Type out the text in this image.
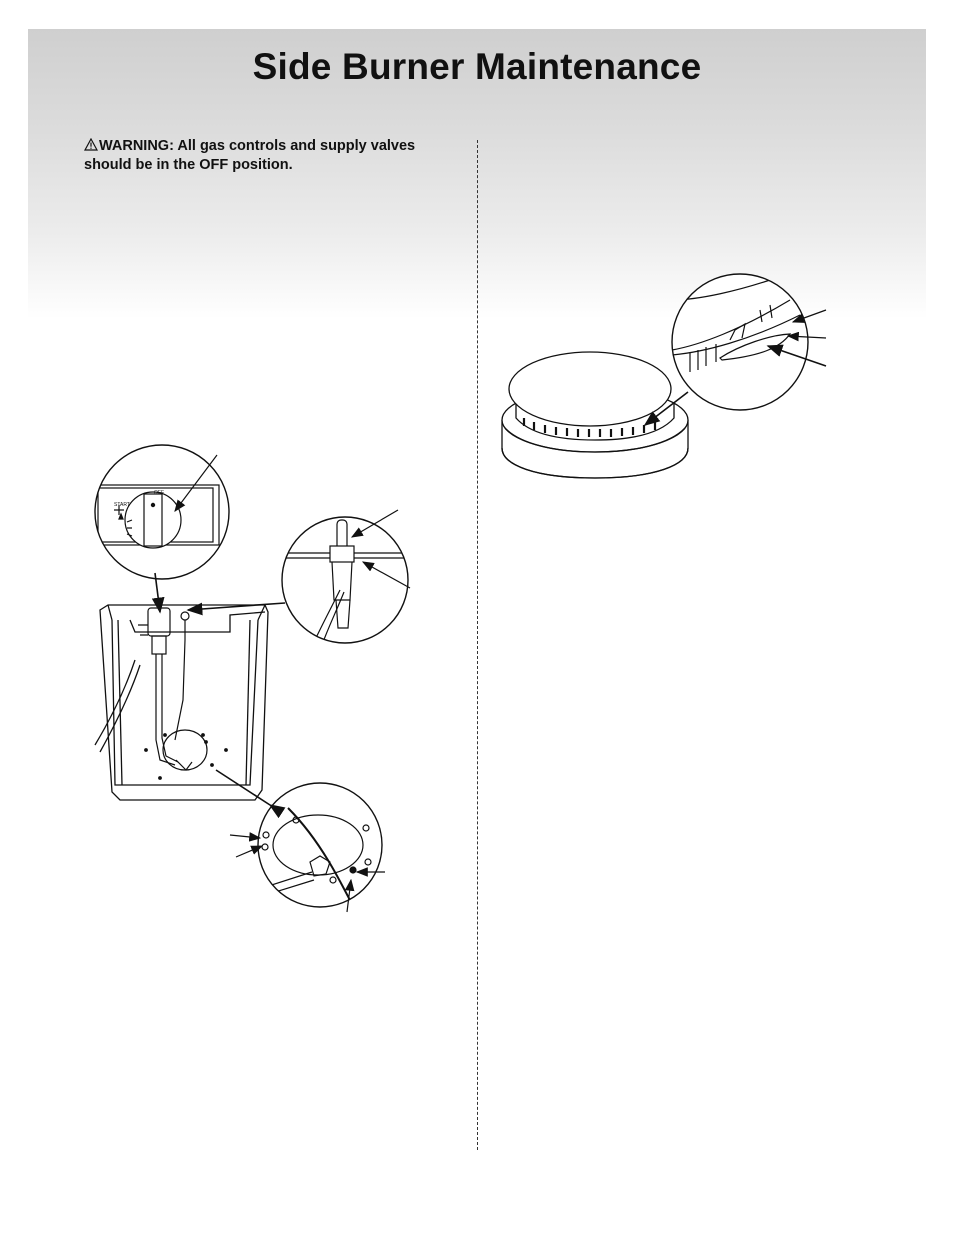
Side Burner Maintenance
WARNING: All gas controls and supply valves should be in the OFF position.
START
OFF
